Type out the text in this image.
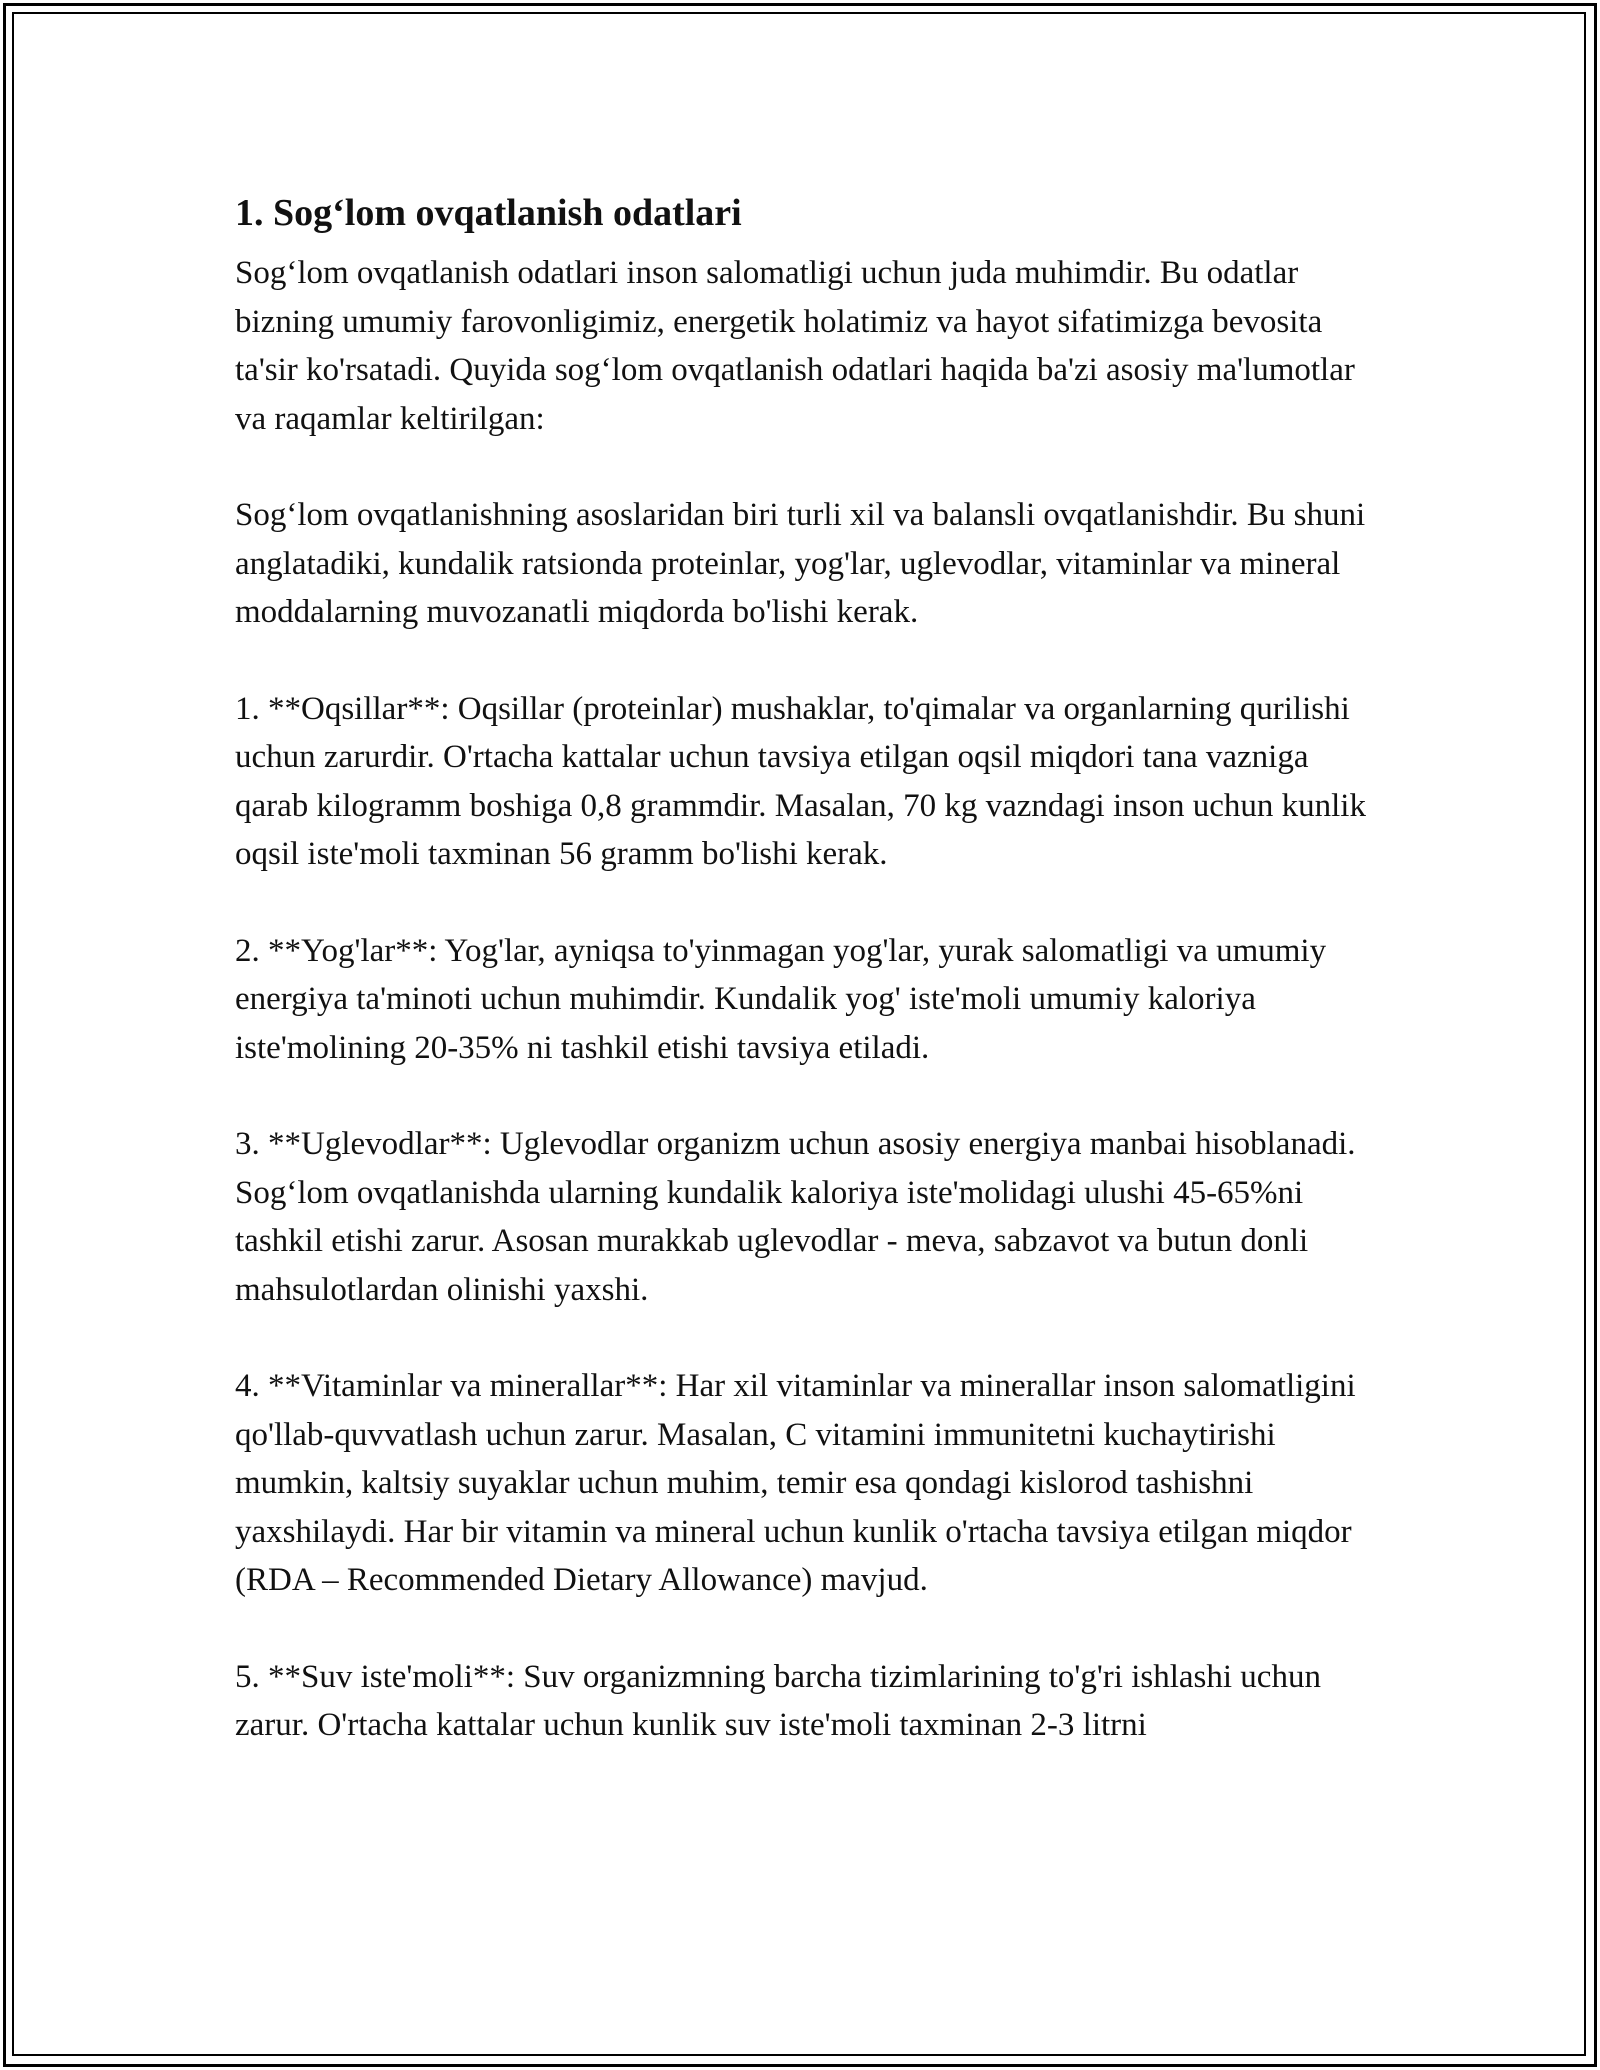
1. Sog‘lom ovqatlanish odatlari

Sog‘lom ovqatlanish odatlari inson salomatligi uchun juda muhimdir. Bu odatlar bizning umumiy farovonligimiz, energetik holatimiz va hayot sifatimizga bevosita ta'sir ko'rsatadi. Quyida sog‘lom ovqatlanish odatlari haqida ba'zi asosiy ma'lumotlar va raqamlar keltirilgan:

Sog‘lom ovqatlanishning asoslaridan biri turli xil va balansli ovqatlanishdir. Bu shuni anglatadiki, kundalik ratsionda proteinlar, yog'lar, uglevodlar, vitaminlar va mineral moddalarning muvozanatli miqdorda bo'lishi kerak.

1. **Oqsillar**: Oqsillar (proteinlar) mushaklar, to'qimalar va organlarning qurilishi uchun zarurdir. O'rtacha kattalar uchun tavsiya etilgan oqsil miqdori tana vazniga qarab kilogramm boshiga 0,8 grammdir. Masalan, 70 kg vazndagi inson uchun kunlik oqsil iste'moli taxminan 56 gramm bo'lishi kerak.

2. **Yog'lar**: Yog'lar, ayniqsa to'yinmagan yog'lar, yurak salomatligi va umumiy energiya ta'minoti uchun muhimdir. Kundalik yog' iste'moli umumiy kaloriya iste'molining 20-35% ni tashkil etishi tavsiya etiladi.

3. **Uglevodlar**: Uglevodlar organizm uchun asosiy energiya manbai hisoblanadi. Sog‘lom ovqatlanishda ularning kundalik kaloriya iste'molidagi ulushi 45-65%ni tashkil etishi zarur. Asosan murakkab uglevodlar - meva, sabzavot va butun donli mahsulotlardan olinishi yaxshi.

4. **Vitaminlar va minerallar**: Har xil vitaminlar va minerallar inson salomatligini qo'llab-quvvatlash uchun zarur. Masalan, C vitamini immunitetni kuchaytirishi mumkin, kaltsiy suyaklar uchun muhim, temir esa qondagi kislorod tashishni yaxshilaydi. Har bir vitamin va mineral uchun kunlik o'rtacha tavsiya etilgan miqdor (RDA – Recommended Dietary Allowance) mavjud.

5. **Suv iste'moli**: Suv organizmning barcha tizimlarining to'g'ri ishlashi uchun zarur. O'rtacha kattalar uchun kunlik suv iste'moli taxminan 2-3 litrni
